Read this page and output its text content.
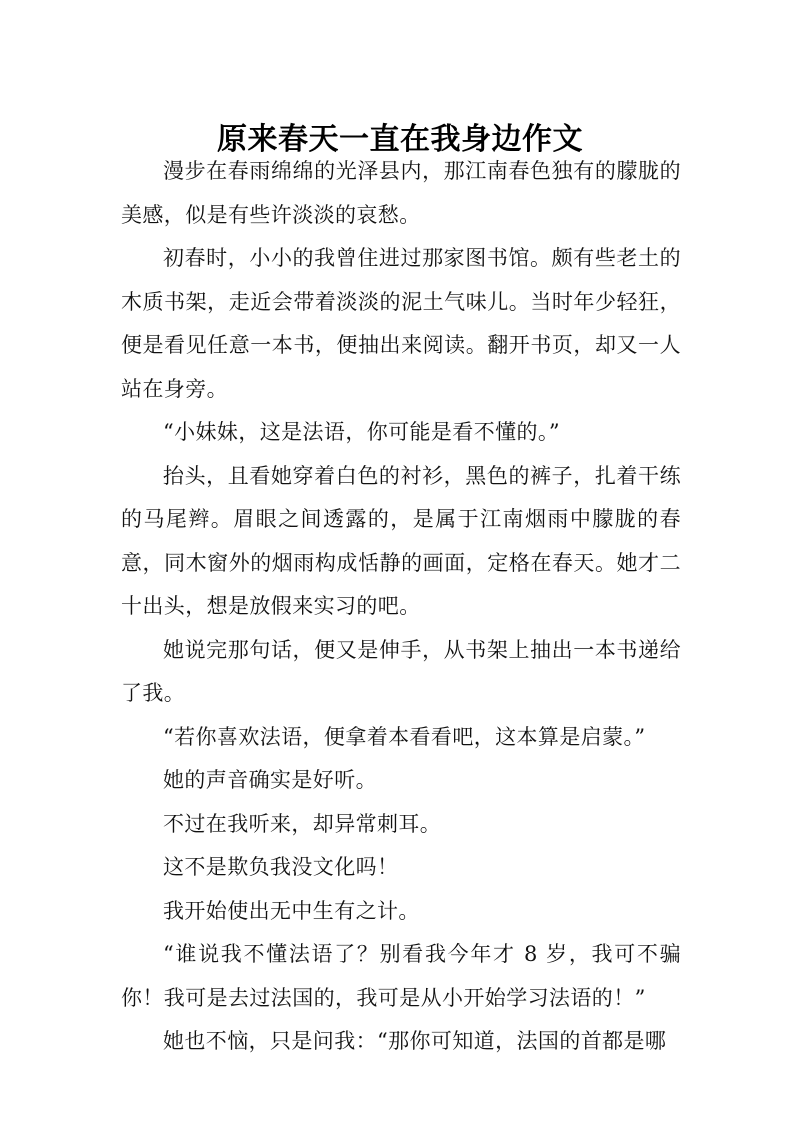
原来春天一直在我身边作文

漫步在春雨绵绵的光泽县内，那江南春色独有的朦胧的美感，似是有些许淡淡的哀愁。

初春时，小小的我曾住进过那家图书馆。颇有些老土的木质书架，走近会带着淡淡的泥土气味儿。当时年少轻狂，便是看见任意一本书，便抽出来阅读。翻开书页，却又一人站在身旁。

“小妹妹，这是法语，你可能是看不懂的。”

抬头，且看她穿着白色的衬衫，黑色的裤子，扎着干练的马尾辫。眉眼之间透露的，是属于江南烟雨中朦胧的春意，同木窗外的烟雨构成恬静的画面，定格在春天。她才二十出头，想是放假来实习的吧。

她说完那句话，便又是伸手，从书架上抽出一本书递给了我。

“若你喜欢法语，便拿着本看看吧，这本算是启蒙。”

她的声音确实是好听。

不过在我听来，却异常刺耳。

这不是欺负我没文化吗！

我开始使出无中生有之计。

“谁说我不懂法语了？别看我今年才 8 岁，我可不骗你！我可是去过法国的，我可是从小开始学习法语的！”

她也不恼，只是问我：“那你可知道，法国的首都是哪
